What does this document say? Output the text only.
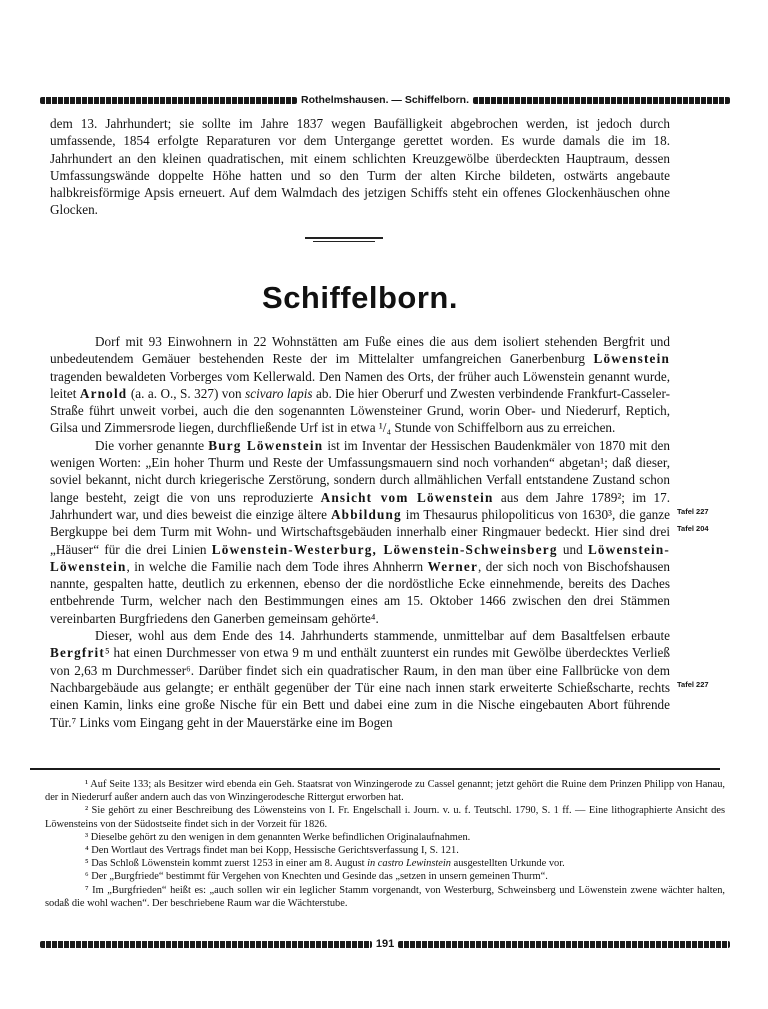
Rothelmshausen. — Schiffelborn.

dem 13. Jahrhundert; sie sollte im Jahre 1837 wegen Baufälligkeit abgebrochen werden, ist jedoch durch umfassende, 1854 erfolgte Reparaturen vor dem Untergange gerettet worden. Es wurde damals die im 18. Jahrhundert an den kleinen quadratischen, mit einem schlichten Kreuzgewölbe überdeckten Hauptraum, dessen Umfassungswände doppelte Höhe hatten und so den Turm der alten Kirche bildeten, ostwärts angebaute halbkreisförmige Apsis erneuert. Auf dem Walmdach des jetzigen Schiffs steht ein offenes Glockenhäuschen ohne Glocken.

Schiffelborn.

Dorf mit 93 Einwohnern in 22 Wohnstätten am Fuße eines die aus dem isoliert stehenden Bergfrit und unbedeutendem Gemäuer bestehenden Reste der im Mittelalter umfangreichen Ganerbenburg Löwenstein tragenden bewaldeten Vorberges vom Kellerwald. Den Namen des Orts, der früher auch Löwenstein genannt wurde, leitet Arnold (a. a. O., S. 327) von scivaro lapis ab. Die hier Oberurf und Zwesten verbindende Frankfurt-Casseler-Straße führt unweit vorbei, auch die den sogenannten Löwensteiner Grund, worin Ober- und Niederurf, Reptich, Gilsa und Zimmersrode liegen, durchfließende Urf ist in etwa ¹/₄ Stunde von Schiffelborn aus zu erreichen.

Die vorher genannte Burg Löwenstein ist im Inventar der Hessischen Baudenkmäler von 1870 mit den wenigen Worten: „Ein hoher Thurm und Reste der Umfassungsmauern sind noch vorhanden“ abgetan¹; daß dieser, soviel bekannt, nicht durch kriegerische Zerstörung, sondern durch allmählichen Verfall entstandene Zustand schon lange besteht, zeigt die von uns reproduzierte Ansicht vom Löwenstein aus dem Jahre 1789²; im 17. Jahrhundert war, und dies beweist die einzige ältere Abbildung im Thesaurus philopoliticus von 1630³, die ganze Bergkuppe bei dem Turm mit Wohn- und Wirtschaftsgebäuden innerhalb einer Ringmauer bedeckt. Hier sind drei „Häuser“ für die drei Linien Löwenstein-Westerburg, Löwenstein-Schweinsberg und Löwenstein-Löwenstein, in welche die Familie nach dem Tode ihres Ahnherrn Werner, der sich noch von Bischofshausen nannte, gespalten hatte, deutlich zu erkennen, ebenso der die nordöstliche Ecke einnehmende, bereits des Daches entbehrende Turm, welcher nach den Bestimmungen eines am 15. Oktober 1466 zwischen den drei Stämmen vereinbarten Burgfriedens den Ganerben gemeinsam gehörte⁴.

Dieser, wohl aus dem Ende des 14. Jahrhunderts stammende, unmittelbar auf dem Basaltfelsen erbaute Bergfrit⁵ hat einen Durchmesser von etwa 9 m und enthält zuunterst ein rundes mit Gewölbe überdecktes Verließ von 2,63 m Durchmesser⁶. Darüber findet sich ein quadratischer Raum, in den man über eine Fallbrücke von dem Nachbargebäude aus gelangte; er enthält gegenüber der Tür eine nach innen stark erweiterte Schießscharte, rechts einen Kamin, links eine große Nische für ein Bett und dabei eine zum in die Nische eingebauten Abort führende Tür.⁷ Links vom Eingang geht in der Mauerstärke eine im Bogen

Tafel 227
Tafel 204
Tafel 227

¹ Auf Seite 133; als Besitzer wird ebenda ein Geh. Staatsrat von Winzingerode zu Cassel genannt; jetzt gehört die Ruine dem Prinzen Philipp von Hanau, der in Niederurf außer andern auch das von Winzingerodesche Rittergut erworben hat.

² Sie gehört zu einer Beschreibung des Löwensteins von I. Fr. Engelschall i. Journ. v. u. f. Teutschl. 1790, S. 1 ff. — Eine lithographierte Ansicht des Löwensteins von der Südostseite findet sich in der Vorzeit für 1826.

³ Dieselbe gehört zu den wenigen in dem genannten Werke befindlichen Originalaufnahmen.

⁴ Den Wortlaut des Vertrags findet man bei Kopp, Hessische Gerichtsverfassung I, S. 121.

⁵ Das Schloß Löwenstein kommt zuerst 1253 in einer am 8. August in castro Lewinstein ausgestellten Urkunde vor.

⁶ Der „Burgfriede“ bestimmt für Vergehen von Knechten und Gesinde das „setzen in unsern gemeinen Thurm“.

⁷ Im „Burgfrieden“ heißt es: „auch sollen wir ein leglicher Stamm vorgenandt, von Westerburg, Schweinsberg und Löwenstein zwene wächter halten, sodaß die wohl wachen“. Der beschriebene Raum war die Wächterstube.

191
